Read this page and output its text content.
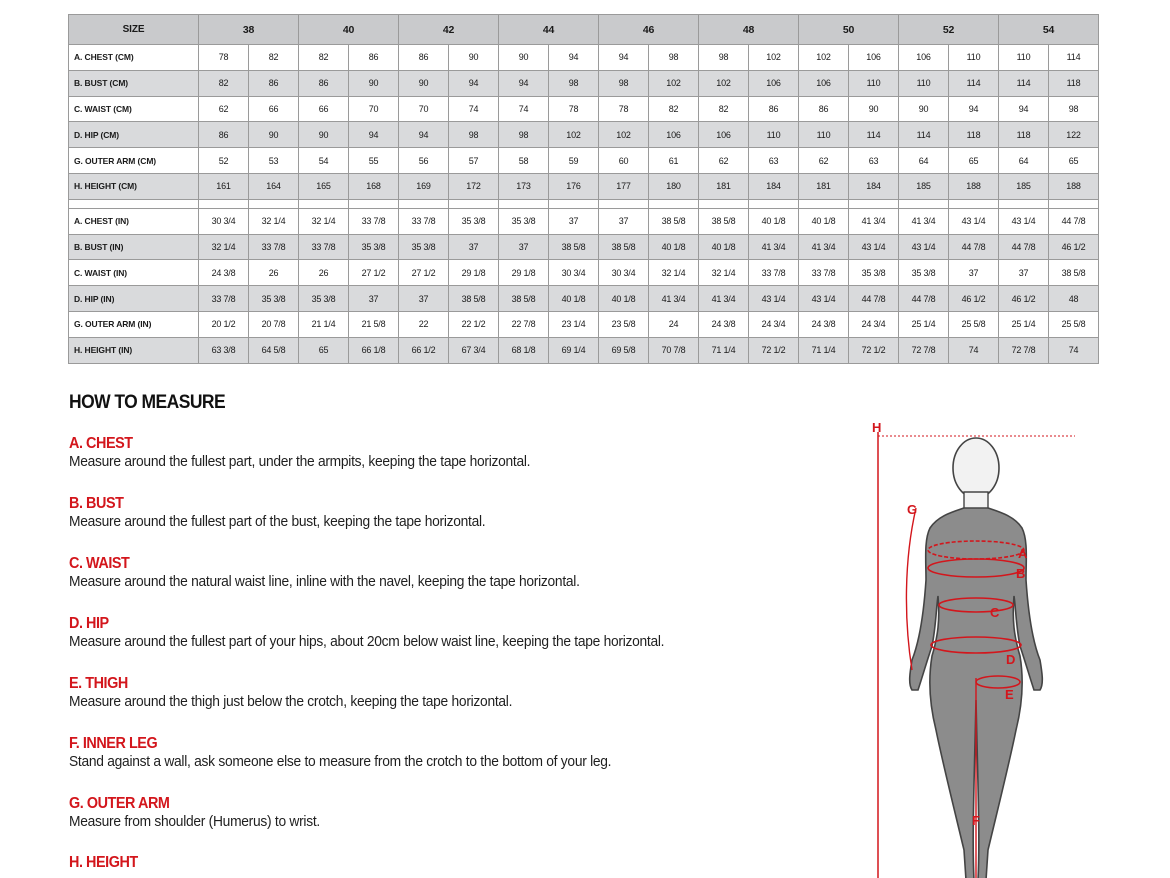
SIZE	38		40		42		44		46		48		50		52		54	
A. CHEST (CM)	78	82	82	86	86	90	90	94	94	98	98	102	102	106	106	110	110	114
B. BUST (CM)	82	86	86	90	90	94	94	98	98	102	102	106	106	110	110	114	114	118
C. WAIST (CM)	62	66	66	70	70	74	74	78	78	82	82	86	86	90	90	94	94	98
D. HIP (CM)	86	90	90	94	94	98	98	102	102	106	106	110	110	114	114	118	118	122
G. OUTER ARM (CM)	52	53	54	55	56	57	58	59	60	61	62	63	62	63	64	65	64	65
H. HEIGHT (CM)	161	164	165	168	169	172	173	176	177	180	181	184	181	184	185	188	185	188

A. CHEST (IN)	30 3/4	32 1/4	32 1/4	33 7/8	33 7/8	35 3/8	35 3/8	37	37	38 5/8	38 5/8	40 1/8	40 1/8	41 3/4	41 3/4	43 1/4	43 1/4	44 7/8
B. BUST (IN)	32 1/4	33 7/8	33 7/8	35 3/8	35 3/8	37	37	38 5/8	38 5/8	40 1/8	40 1/8	41 3/4	41 3/4	43 1/4	43 1/4	44 7/8	44 7/8	46 1/2
C. WAIST (IN)	24 3/8	26	26	27 1/2	27 1/2	29 1/8	29 1/8	30 3/4	30 3/4	32 1/4	32 1/4	33 7/8	33 7/8	35 3/8	35 3/8	37	37	38 5/8
D. HIP (IN)	33 7/8	35 3/8	35 3/8	37	37	38 5/8	38 5/8	40 1/8	40 1/8	41 3/4	41 3/4	43 1/4	43 1/4	44 7/8	44 7/8	46 1/2	46 1/2	48
G. OUTER ARM (IN)	20 1/2	20 7/8	21 1/4	21 5/8	22	22 1/2	22 7/8	23 1/4	23 5/8	24	24 3/8	24 3/4	24 3/8	24 3/4	25 1/4	25 5/8	25 1/4	25 5/8
H. HEIGHT (IN)	63 3/8	64 5/8	65	66 1/8	66 1/2	67 3/4	68 1/8	69 1/4	69 5/8	70 7/8	71 1/4	72 1/2	71 1/4	72 1/2	72 7/8	74	72 7/8	74
HOW TO MEASURE
A. CHEST
Measure around the fullest part, under the armpits, keeping the tape horizontal.
B. BUST
Measure around the fullest part of the bust, keeping the tape horizontal.
C. WAIST
Measure around the natural waist line, inline with the navel, keeping the tape horizontal.
D. HIP
Measure around the fullest part of your hips, about 20cm below waist line, keeping the tape horizontal.
E. THIGH
Measure around the thigh just below the crotch, keeping the tape horizontal.
F. INNER LEG
Stand against a wall, ask someone else to measure from the crotch to the bottom of your leg.
G. OUTER ARM
Measure from shoulder (Humerus) to wrist.
H. HEIGHT
H
G
A
B
C
D
E
F
